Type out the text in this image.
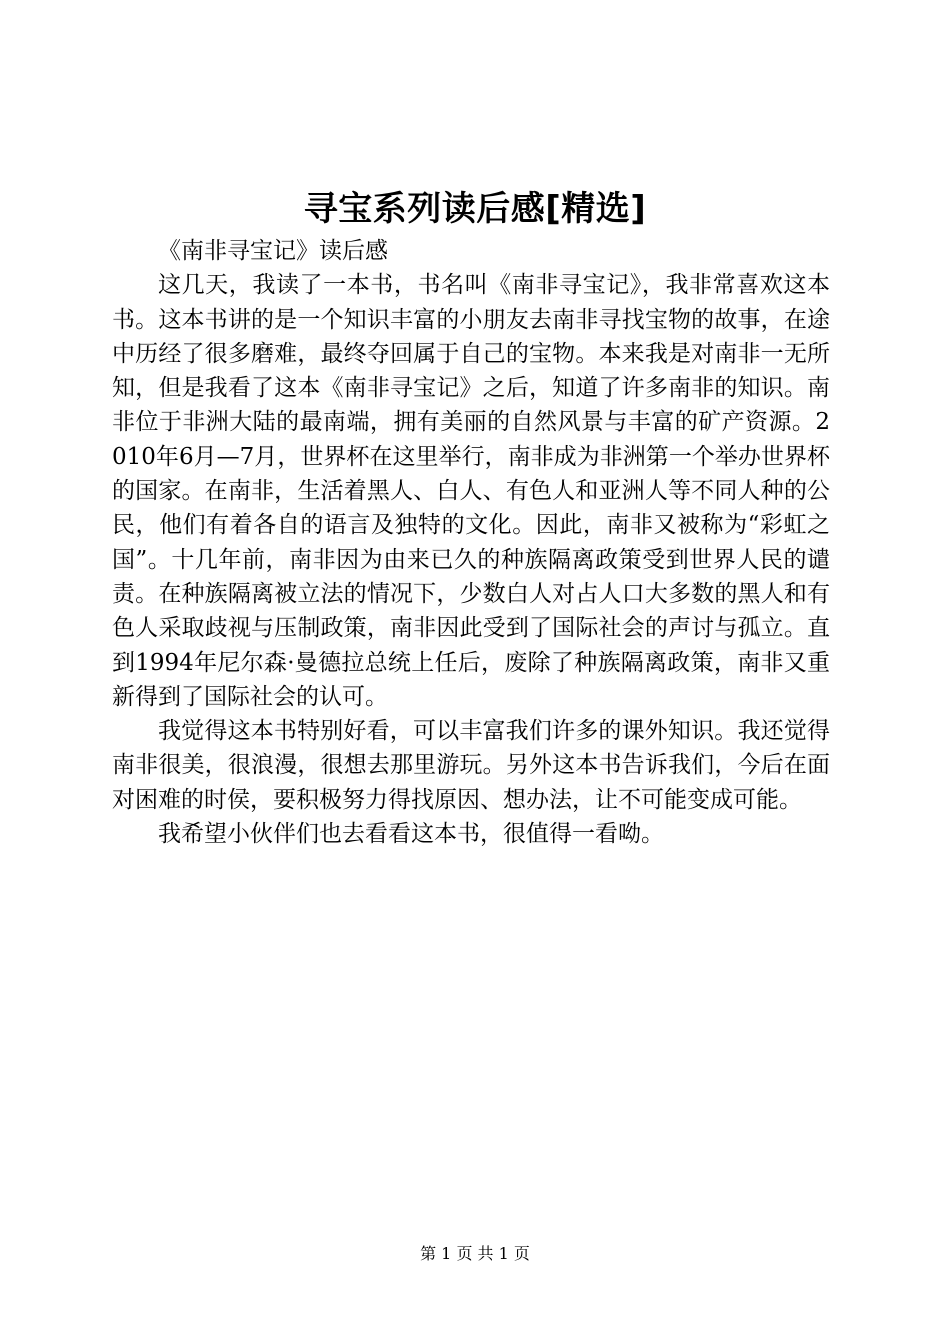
寻宝系列读后感[精选]

《南非寻宝记》读后感

这几天，我读了一本书，书名叫《南非寻宝记》，我非常喜欢这本书。这本书讲的是一个知识丰富的小朋友去南非寻找宝物的故事，在途中历经了很多磨难，最终夺回属于自己的宝物。本来我是对南非一无所知，但是我看了这本《南非寻宝记》之后，知道了许多南非的知识。南非位于非洲大陆的最南端，拥有美丽的自然风景与丰富的矿产资源。2010年6月—7月，世界杯在这里举行，南非成为非洲第一个举办世界杯的国家。在南非，生活着黑人、白人、有色人和亚洲人等不同人种的公民，他们有着各自的语言及独特的文化。因此，南非又被称为“彩虹之国”。十几年前，南非因为由来已久的种族隔离政策受到世界人民的谴责。在种族隔离被立法的情况下，少数白人对占人口大多数的黑人和有色人采取歧视与压制政策，南非因此受到了国际社会的声讨与孤立。直到1994年尼尔森·曼德拉总统上任后，废除了种族隔离政策，南非又重新得到了国际社会的认可。

我觉得这本书特别好看，可以丰富我们许多的课外知识。我还觉得南非很美，很浪漫，很想去那里游玩。另外这本书告诉我们，今后在面对困难的时侯，要积极努力得找原因、想办法，让不可能变成可能。

我希望小伙伴们也去看看这本书，很值得一看呦。

第 1 页 共 1 页
